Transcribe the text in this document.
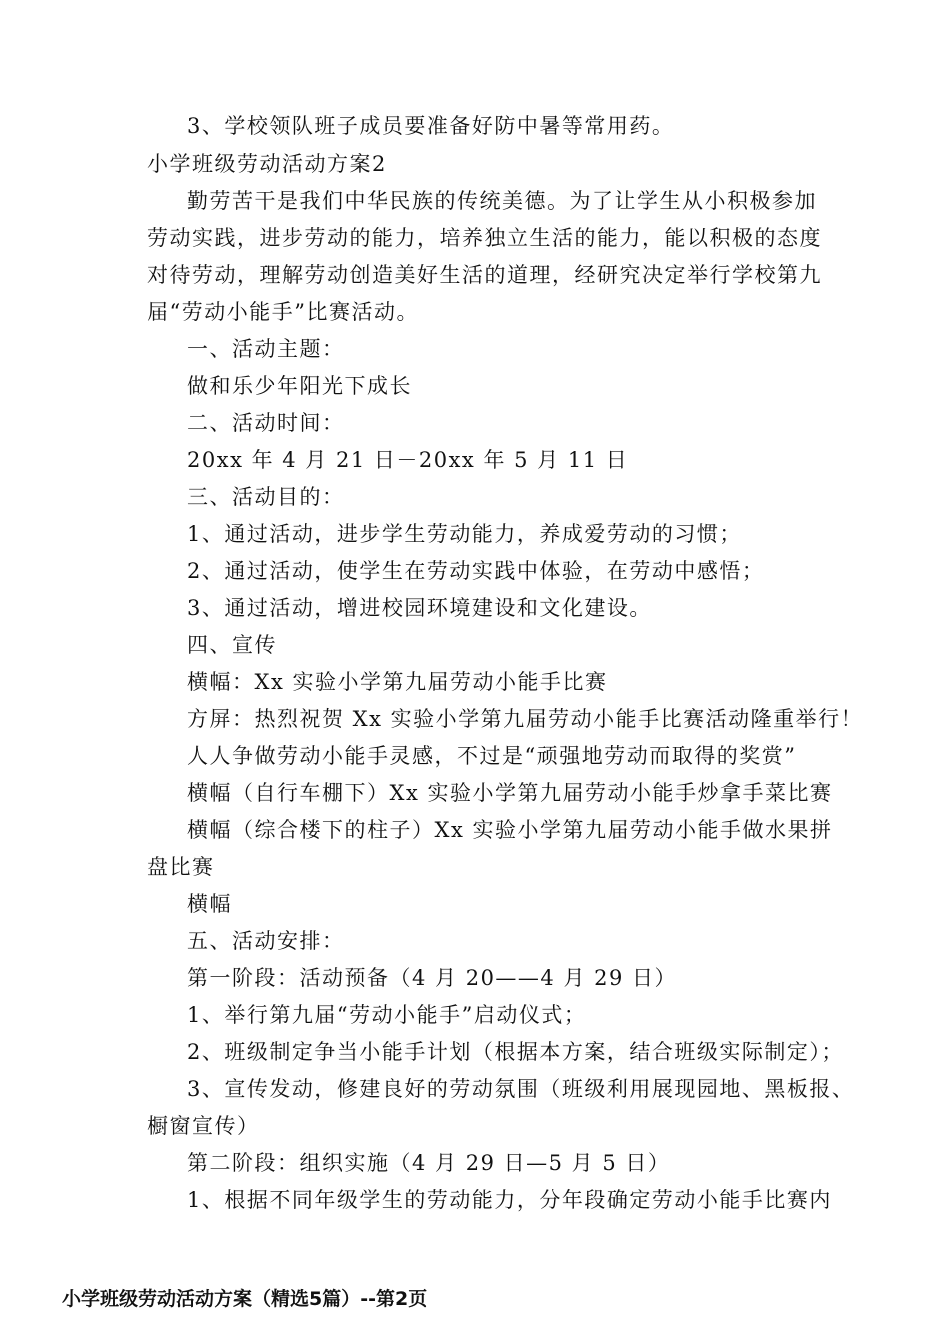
3、学校领队班子成员要准备好防中暑等常用药。
小学班级劳动活动方案2
勤劳苦干是我们中华民族的传统美德。为了让学生从小积极参加
劳动实践，进步劳动的能力，培养独立生活的能力，能以积极的态度
对待劳动，理解劳动创造美好生活的道理，经研究决定举行学校第九
届“劳动小能手”比赛活动。
一、活动主题：
做和乐少年阳光下成长
二、活动时间：
20xx 年 4 月 21 日－20xx 年 5 月 11 日
三、活动目的：
1、通过活动，进步学生劳动能力，养成爱劳动的习惯；
2、通过活动，使学生在劳动实践中体验，在劳动中感悟；
3、通过活动，增进校园环境建设和文化建设。
四、宣传
横幅：Xx 实验小学第九届劳动小能手比赛
方屏：热烈祝贺 Xx 实验小学第九届劳动小能手比赛活动隆重举行！
人人争做劳动小能手灵感，不过是“顽强地劳动而取得的奖赏”
横幅（自行车棚下）Xx 实验小学第九届劳动小能手炒拿手菜比赛
横幅（综合楼下的柱子）Xx 实验小学第九届劳动小能手做水果拼
盘比赛
横幅
五、活动安排：
第一阶段：活动预备（4 月 20——4 月 29 日）
1、举行第九届“劳动小能手”启动仪式；
2、班级制定争当小能手计划（根据本方案，结合班级实际制定）；
3、宣传发动，修建良好的劳动氛围（班级利用展现园地、黑板报、
橱窗宣传）
第二阶段：组织实施（4 月 29 日—5 月 5 日）
1、根据不同年级学生的劳动能力，分年段确定劳动小能手比赛内
小学班级劳动活动方案（精选5篇）--第2页
